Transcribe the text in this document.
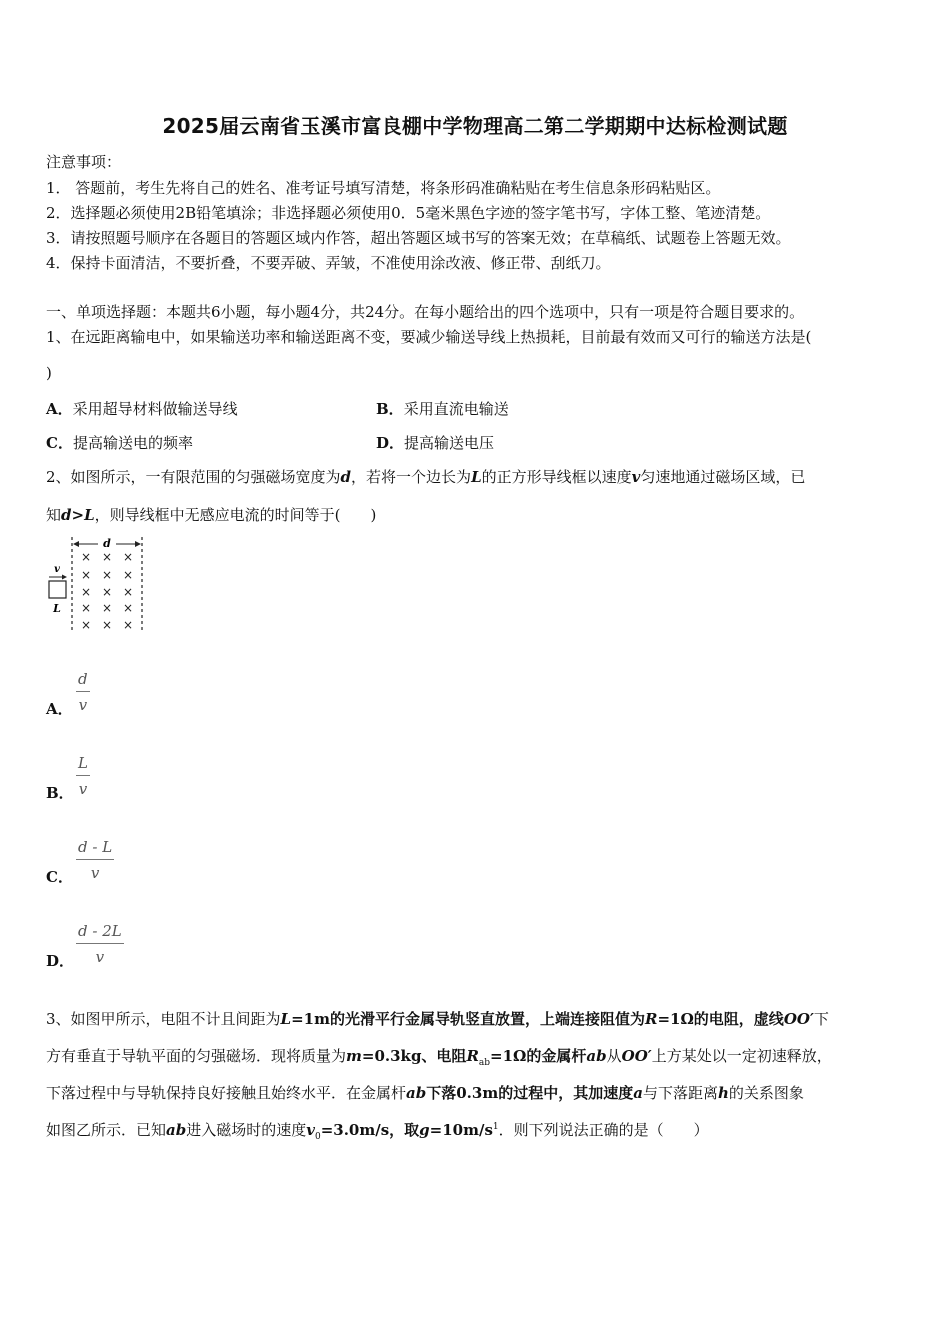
2025届云南省玉溪市富良棚中学物理高二第二学期期中达标检测试题
注意事项：
1． 答题前，考生先将自己的姓名、准考证号填写清楚，将条形码准确粘贴在考生信息条形码粘贴区。
2．选择题必须使用2B铅笔填涂；非选择题必须使用0．5毫米黑色字迹的签字笔书写，字体工整、笔迹清楚。
3．请按照题号顺序在各题目的答题区域内作答，超出答题区域书写的答案无效；在草稿纸、试题卷上答题无效。
4．保持卡面清洁，不要折叠，不要弄破、弄皱，不准使用涂改液、修正带、刮纸刀。
一、单项选择题：本题共6小题，每小题4分，共24分。在每小题给出的四个选项中，只有一项是符合题目要求的。
1、在远距离输电中，如果输送功率和输送距离不变，要减少输送导线上热损耗，目前最有效而又可行的输送方法是(
)
A．采用超导材料做输送导线	B．采用直流电输送
C．提高输送电的频率	D．提高输送电压
2、如图所示，一有限范围的匀强磁场宽度为d，若将一个边长为L的正方形导线框以速度v匀速地通过磁场区域，已
知d>L，则导线框中无感应电流的时间等于(　　)
d
× × ×
× × ×
× × ×
× × ×
× × ×
v
L
A． $\frac{d}{v}$
B． $\frac{L}{v}$
C． $\frac{d - L}{v}$
D． $\frac{d - 2L}{v}$
3、如图甲所示，电阻不计且间距为L=1m的光滑平行金属导轨竖直放置，上端连接阻值为R=1Ω的电阻，虚线OO′下
方有垂直于导轨平面的匀强磁场．现将质量为m=0.3kg、电阻$R_{ab}=1\Omega$的金属杆ab从OO′上方某处以一定初速释放，
下落过程中与导轨保持良好接触且始终水平．在金属杆ab下落0.3m的过程中，其加速度a与下落距离h的关系图象
如图乙所示．已知ab进入磁场时的速度$v_0=3.0m/s$，取$g=10m/s^1$．则下列说法正确的是（　　）
